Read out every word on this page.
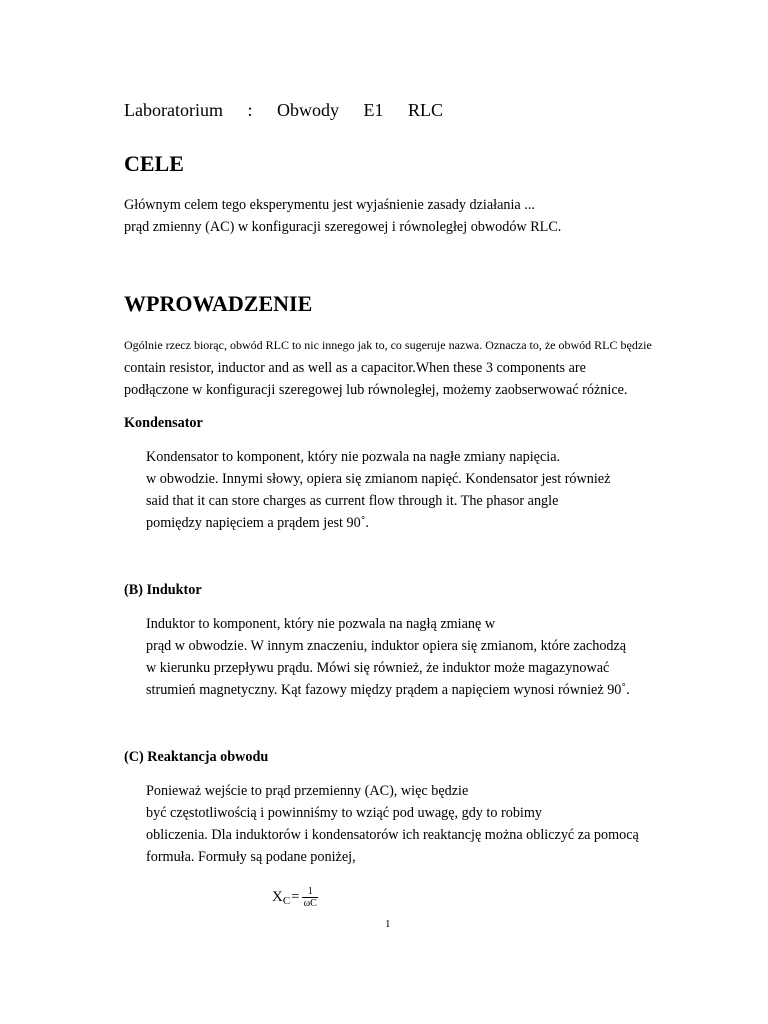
Laboratorium : Obwody E1 RLC
CELE
Głównym celem tego eksperymentu jest wyjaśnienie zasady działania ...
prąd zmienny (AC) w konfiguracji szeregowej i równoległej obwodów RLC.
WPROWADZENIE
Ogólnie rzecz biorąc, obwód RLC to nic innego jak to, co sugeruje nazwa. Oznacza to, że obwód RLC będzie
contain resistor, inductor and as well as a capacitor.When these 3 components are
podłączone w konfiguracji szeregowej lub równoległej, możemy zaobserwować różnice.
Kondensator
Kondensator to komponent, który nie pozwala na nagłe zmiany napięcia.
w obwodzie. Innymi słowy, opiera się zmianom napięć. Kondensator jest również
said that it can store charges as current flow through it. The phasor angle
pomiędzy napięciem a prądem jest 90˚.
(B) Induktor
Induktor to komponent, który nie pozwala na nagłą zmianę w
prąd w obwodzie. W innym znaczeniu, induktor opiera się zmianom, które zachodzą
w kierunku przepływu prądu. Mówi się również, że induktor może magazynować
strumień magnetyczny. Kąt fazowy między prądem a napięciem wynosi również 90˚.
(C) Reaktancja obwodu
Ponieważ wejście to prąd przemienny (AC), więc będzie
być częstotliwością i powinniśmy to wziąć pod uwagę, gdy to robimy
obliczenia. Dla induktorów i kondensatorów ich reaktancję można obliczyć za pomocą
formuła. Formuły są podane poniżej,
X $C = \frac{1}{\omega C}$
1
